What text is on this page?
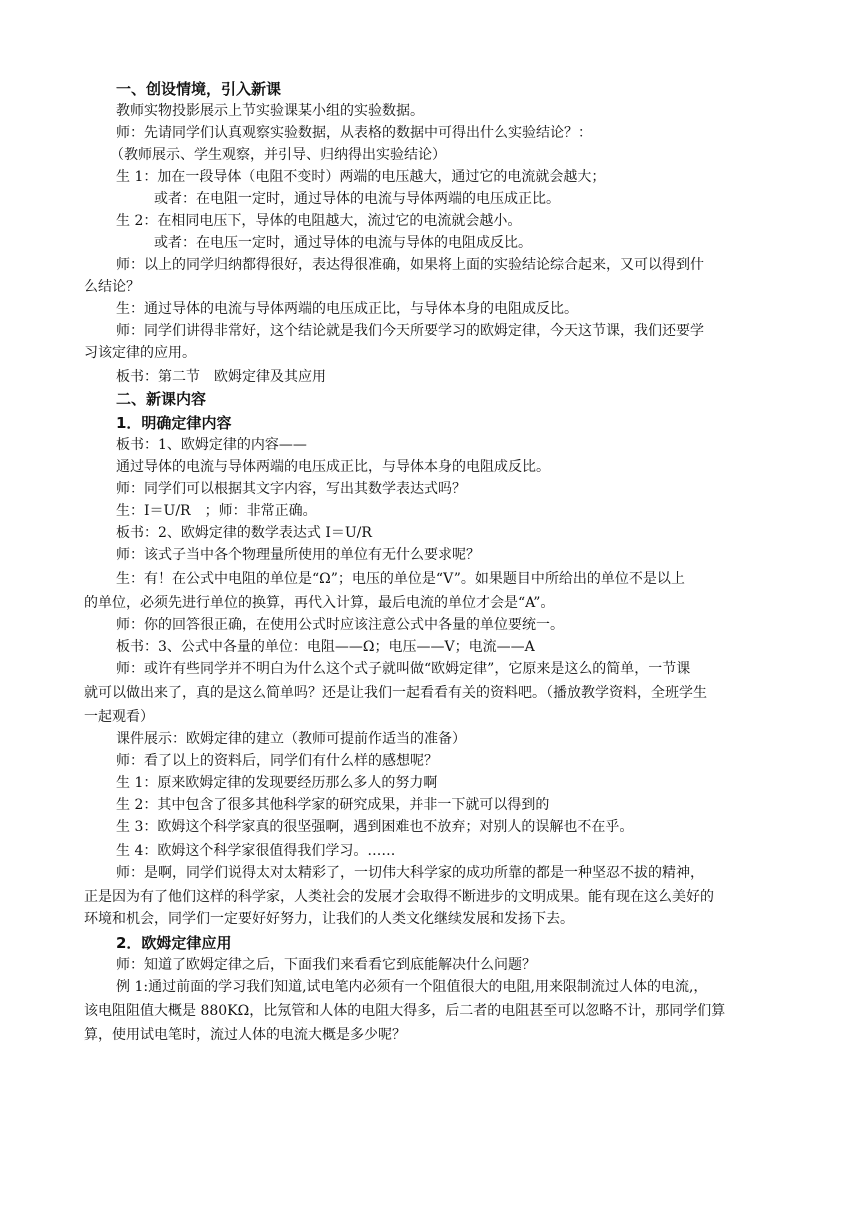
一、创设情境，引入新课
教师实物投影展示上节实验课某小组的实验数据。
师：先请同学们认真观察实验数据，从表格的数据中可得出什么实验结论？：
（教师展示、学生观察，并引导、归纳得出实验结论）
生 1：加在一段导体（电阻不变时）两端的电压越大，通过它的电流就会越大；
或者：在电阻一定时，通过导体的电流与导体两端的电压成正比。
生 2：在相同电压下，导体的电阻越大，流过它的电流就会越小。
或者：在电压一定时，通过导体的电流与导体的电阻成反比。
师：以上的同学归纳都得很好，表达得很准确，如果将上面的实验结论综合起来，又可以得到什
么结论？
生：通过导体的电流与导体两端的电压成正比，与导体本身的电阻成反比。
师：同学们讲得非常好，这个结论就是我们今天所要学习的欧姆定律，今天这节课，我们还要学
习该定律的应用。
板书：第二节　欧姆定律及其应用
二、新课内容
1．明确定律内容
板书：1、欧姆定律的内容——
通过导体的电流与导体两端的电压成正比，与导体本身的电阻成反比。
师：同学们可以根据其文字内容，写出其数学表达式吗？
生：I＝U/R　；师：非常正确。
板书：2、欧姆定律的数学表达式 I＝U/R
师：该式子当中各个物理量所使用的单位有无什么要求呢？
生：有！在公式中电阻的单位是“Ω”；电压的单位是“V”。如果题目中所给出的单位不是以上
的单位，必须先进行单位的换算，再代入计算，最后电流的单位才会是“A”。
师：你的回答很正确，在使用公式时应该注意公式中各量的单位要统一。
板书：3、公式中各量的单位：电阻——Ω；电压——V；电流——A
师：或许有些同学并不明白为什么这个式子就叫做“欧姆定律”，它原来是这么的简单，一节课
就可以做出来了，真的是这么简单吗？还是让我们一起看看有关的资料吧。（播放教学资料，全班学生
一起观看）
课件展示：欧姆定律的建立（教师可提前作适当的准备）
师：看了以上的资料后，同学们有什么样的感想呢？
生 1：原来欧姆定律的发现要经历那么多人的努力啊
生 2：其中包含了很多其他科学家的研究成果，并非一下就可以得到的
生 3：欧姆这个科学家真的很坚强啊，遇到困难也不放弃；对别人的误解也不在乎。
生 4：欧姆这个科学家很值得我们学习。……
师：是啊，同学们说得太对太精彩了，一切伟大科学家的成功所靠的都是一种坚忍不拔的精神，
正是因为有了他们这样的科学家，人类社会的发展才会取得不断进步的文明成果。能有现在这么美好的
环境和机会，同学们一定要好好努力，让我们的人类文化继续发展和发扬下去。
2．欧姆定律应用
师：知道了欧姆定律之后，下面我们来看看它到底能解决什么问题？
例 1:通过前面的学习我们知道,试电笔内必须有一个阻值很大的电阻,用来限制流过人体的电流,，
该电阻阻值大概是 880KΩ，比氖管和人体的电阻大得多，后二者的电阻甚至可以忽略不计，那同学们算
算，使用试电笔时，流过人体的电流大概是多少呢？
